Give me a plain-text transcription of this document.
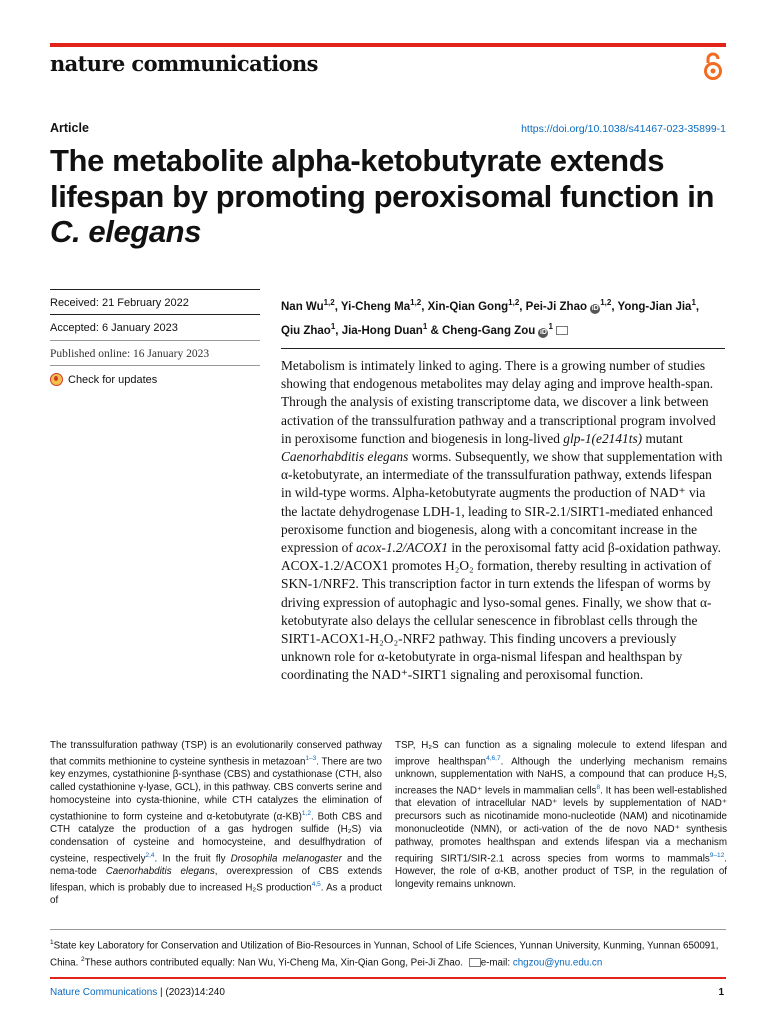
nature communications
Article	https://doi.org/10.1038/s41467-023-35899-1
The metabolite alpha-ketobutyrate extends lifespan by promoting peroxisomal function in C. elegans
Received: 21 February 2022
Accepted: 6 January 2023
Published online: 16 January 2023
Check for updates
Nan Wu$^{1,2}$, Yi-Cheng Ma$^{1,2}$, Xin-Qian Gong$^{1,2}$, Pei-Ji Zhao iD$^{1,2}$, Yong-Jian Jia$^1$, Qiu Zhao$^1$, Jia-Hong Duan$^1$ & Cheng-Gang Zou $iD^1$

Metabolism is intimately linked to aging. There is a growing number of studies showing that endogenous metabolites may delay aging and improve health-span. Through the analysis of existing transcriptome data, we discover a link between activation of the transsulfuration pathway and a transcriptional program involved in peroxisome function and biogenesis in long-lived glp-1(e2141ts) mutant Caenorhabditis elegans worms. Subsequently, we show that supplementation with α-ketobutyrate, an intermediate of the transsulfuration pathway, extends lifespan in wild-type worms. Alpha-ketobutyrate augments the production of NAD⁺ via the lactate dehydrogenase LDH-1, leading to SIR-2.1/SIRT1-mediated enhanced peroxisome function and biogenesis, along with a concomitant increase in the expression of acox-1.2/ACOX1 in the peroxisomal fatty acid β-oxidation pathway. ACOX-1.2/ACOX1 promotes H₂O₂ formation, thereby resulting in activation of SKN-1/NRF2. This transcription factor in turn extends the lifespan of worms by driving expression of autophagic and lyso-somal genes. Finally, we show that α-ketobutyrate also delays the cellular senescence in fibroblast cells through the SIRT1-ACOX1-H₂O₂-NRF2 pathway. This finding uncovers a previously unknown role for α-ketobutyrate in orga-nismal lifespan and healthspan by coordinating the NAD⁺-SIRT1 signaling and peroxisomal function.

The transsulfuration pathway (TSP) is an evolutionarily conserved pathway that commits methionine to cysteine synthesis in metazoan$^{1-3}$. There are two key enzymes, cystathionine β-synthase (CBS) and cystathionase (CTH, also called cystathionine γ-lyase, GCL), in this pathway. CBS converts serine and homocysteine into cysta-thionine, while CTH catalyzes the elimination of cystathionine to form cysteine and α-ketobutyrate (α-KB)$^{1,2}$. Both CBS and CTH catalyze the production of a gas hydrogen sulfide (H₂S) via condensation of cysteine and homocysteine, and desulfhydration of cysteine, respectively$^{2,4}$. In the fruit fly Drosophila melanogaster and the nema-tode Caenorhabditis elegans, overexpression of CBS extends lifespan, which is probably due to increased H₂S production$^{4,5}$. As a product of

TSP, H₂S can function as a signaling molecule to extend lifespan and improve healthspan$^{4,6,7}$. Although the underlying mechanism remains unknown, supplementation with NaHS, a compound that can produce H₂S, increases the NAD⁺ levels in mammalian cells$^8$. It has been well-established that elevation of intracellular NAD⁺ levels by supplementation of NAD⁺ precursors such as nicotinamide mono-nucleotide (NAM) and nicotinamide mononucleotide (NMN), or acti-vation of the de novo NAD⁺ synthesis pathway, promotes healthspan and extends lifespan via a mechanism requiring SIRT1/SIR-2.1 across species from worms to mammals$^{9-12}$. However, the role of α-KB, another product of TSP, in the regulation of longevity remains unknown.

$^1$State key Laboratory for Conservation and Utilization of Bio-Resources in Yunnan, School of Life Sciences, Yunnan University, Kunming, Yunnan 650091, China. $^2$These authors contributed equally: Nan Wu, Yi-Cheng Ma, Xin-Qian Gong, Pei-Ji Zhao. e-mail: chgzou@ynu.edu.cn
Nature Communications | (2023)14:240	1
